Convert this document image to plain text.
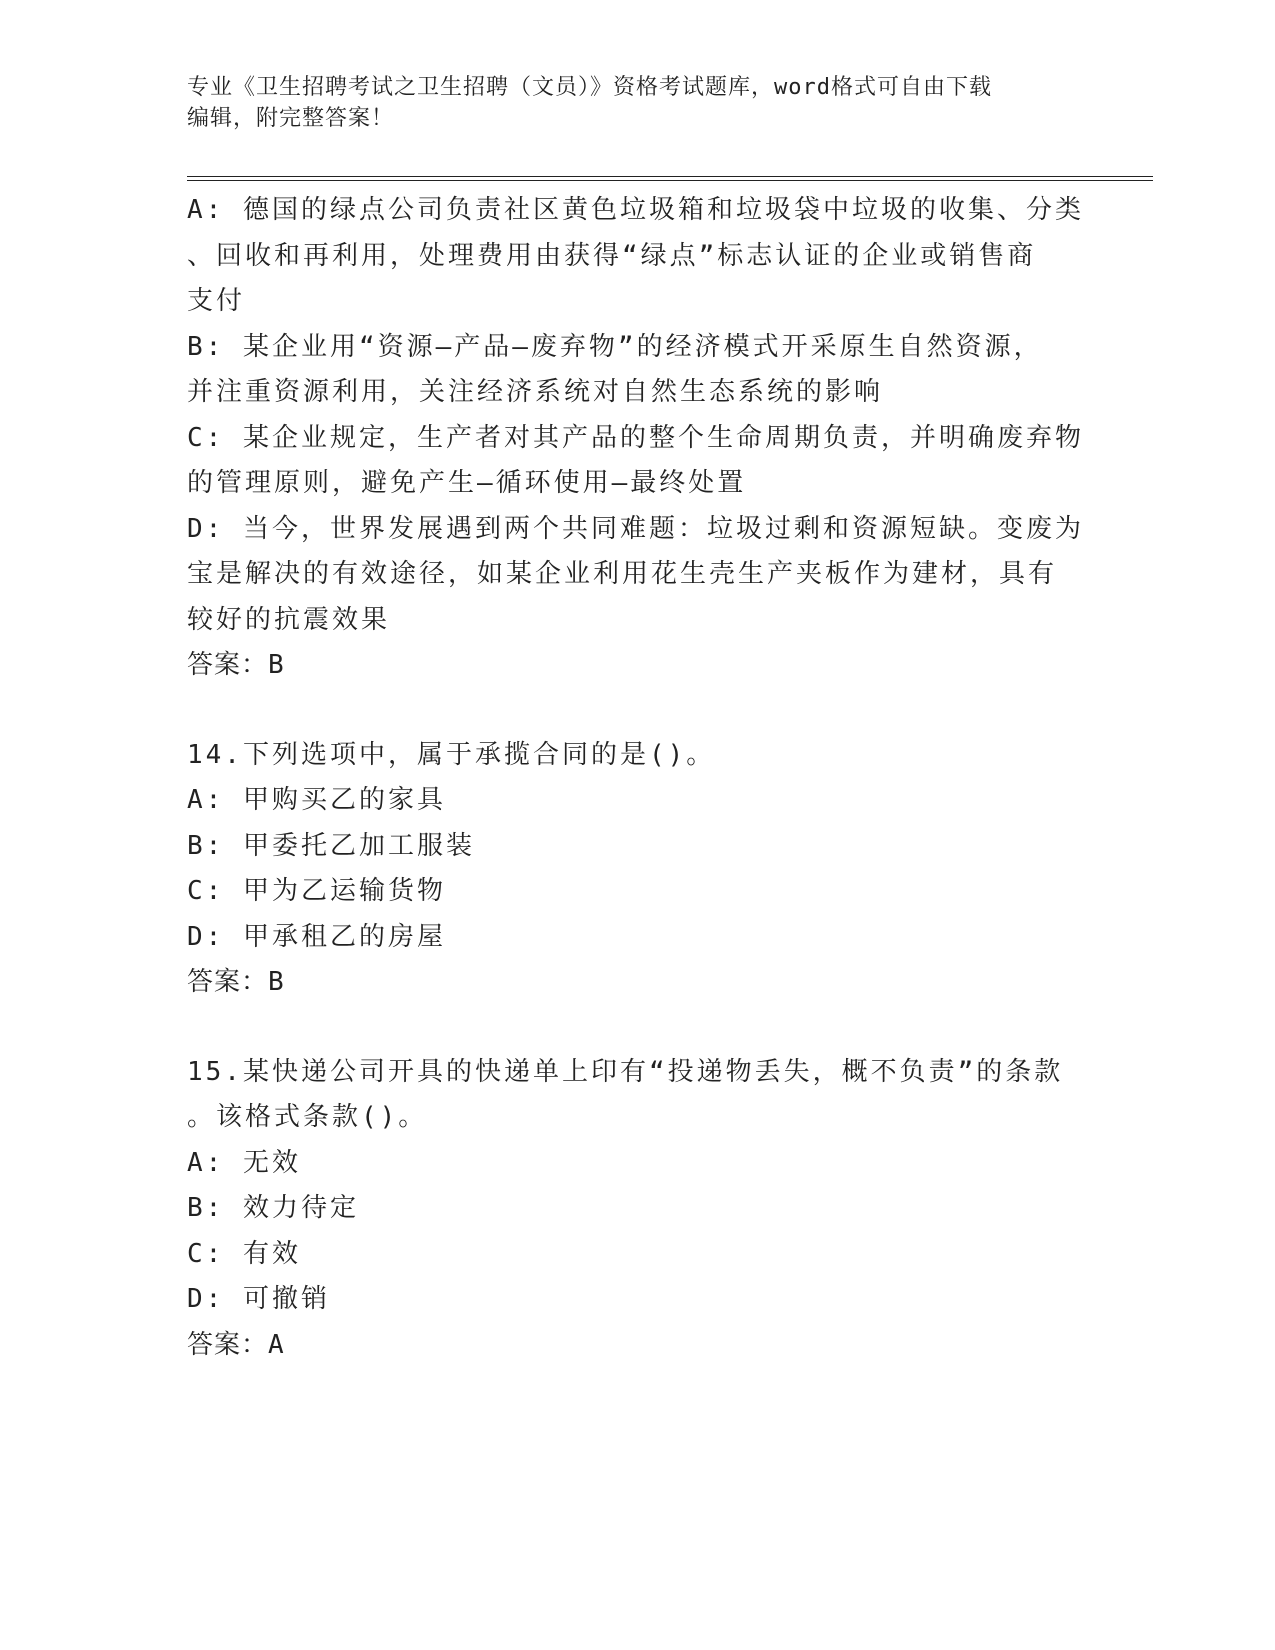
专业《卫生招聘考试之卫生招聘（文员）》资格考试题库，word格式可自由下载
编辑，附完整答案！
A: 德国的绿点公司负责社区黄色垃圾箱和垃圾袋中垃圾的收集、分类
、回收和再利用，处理费用由获得“绿点”标志认证的企业或销售商
支付
B: 某企业用“资源—产品—废弃物”的经济模式开采原生自然资源，
并注重资源利用，关注经济系统对自然生态系统的影响
C: 某企业规定，生产者对其产品的整个生命周期负责，并明确废弃物
的管理原则，避免产生—循环使用—最终处置
D: 当今，世界发展遇到两个共同难题：垃圾过剩和资源短缺。变废为
宝是解决的有效途径，如某企业利用花生壳生产夹板作为建材，具有
较好的抗震效果
答案：B
14.下列选项中，属于承揽合同的是()。
A: 甲购买乙的家具
B: 甲委托乙加工服装
C: 甲为乙运输货物
D: 甲承租乙的房屋
答案：B
15.某快递公司开具的快递单上印有“投递物丢失，概不负责”的条款
。该格式条款()。
A: 无效
B: 效力待定
C: 有效
D: 可撤销
答案：A
